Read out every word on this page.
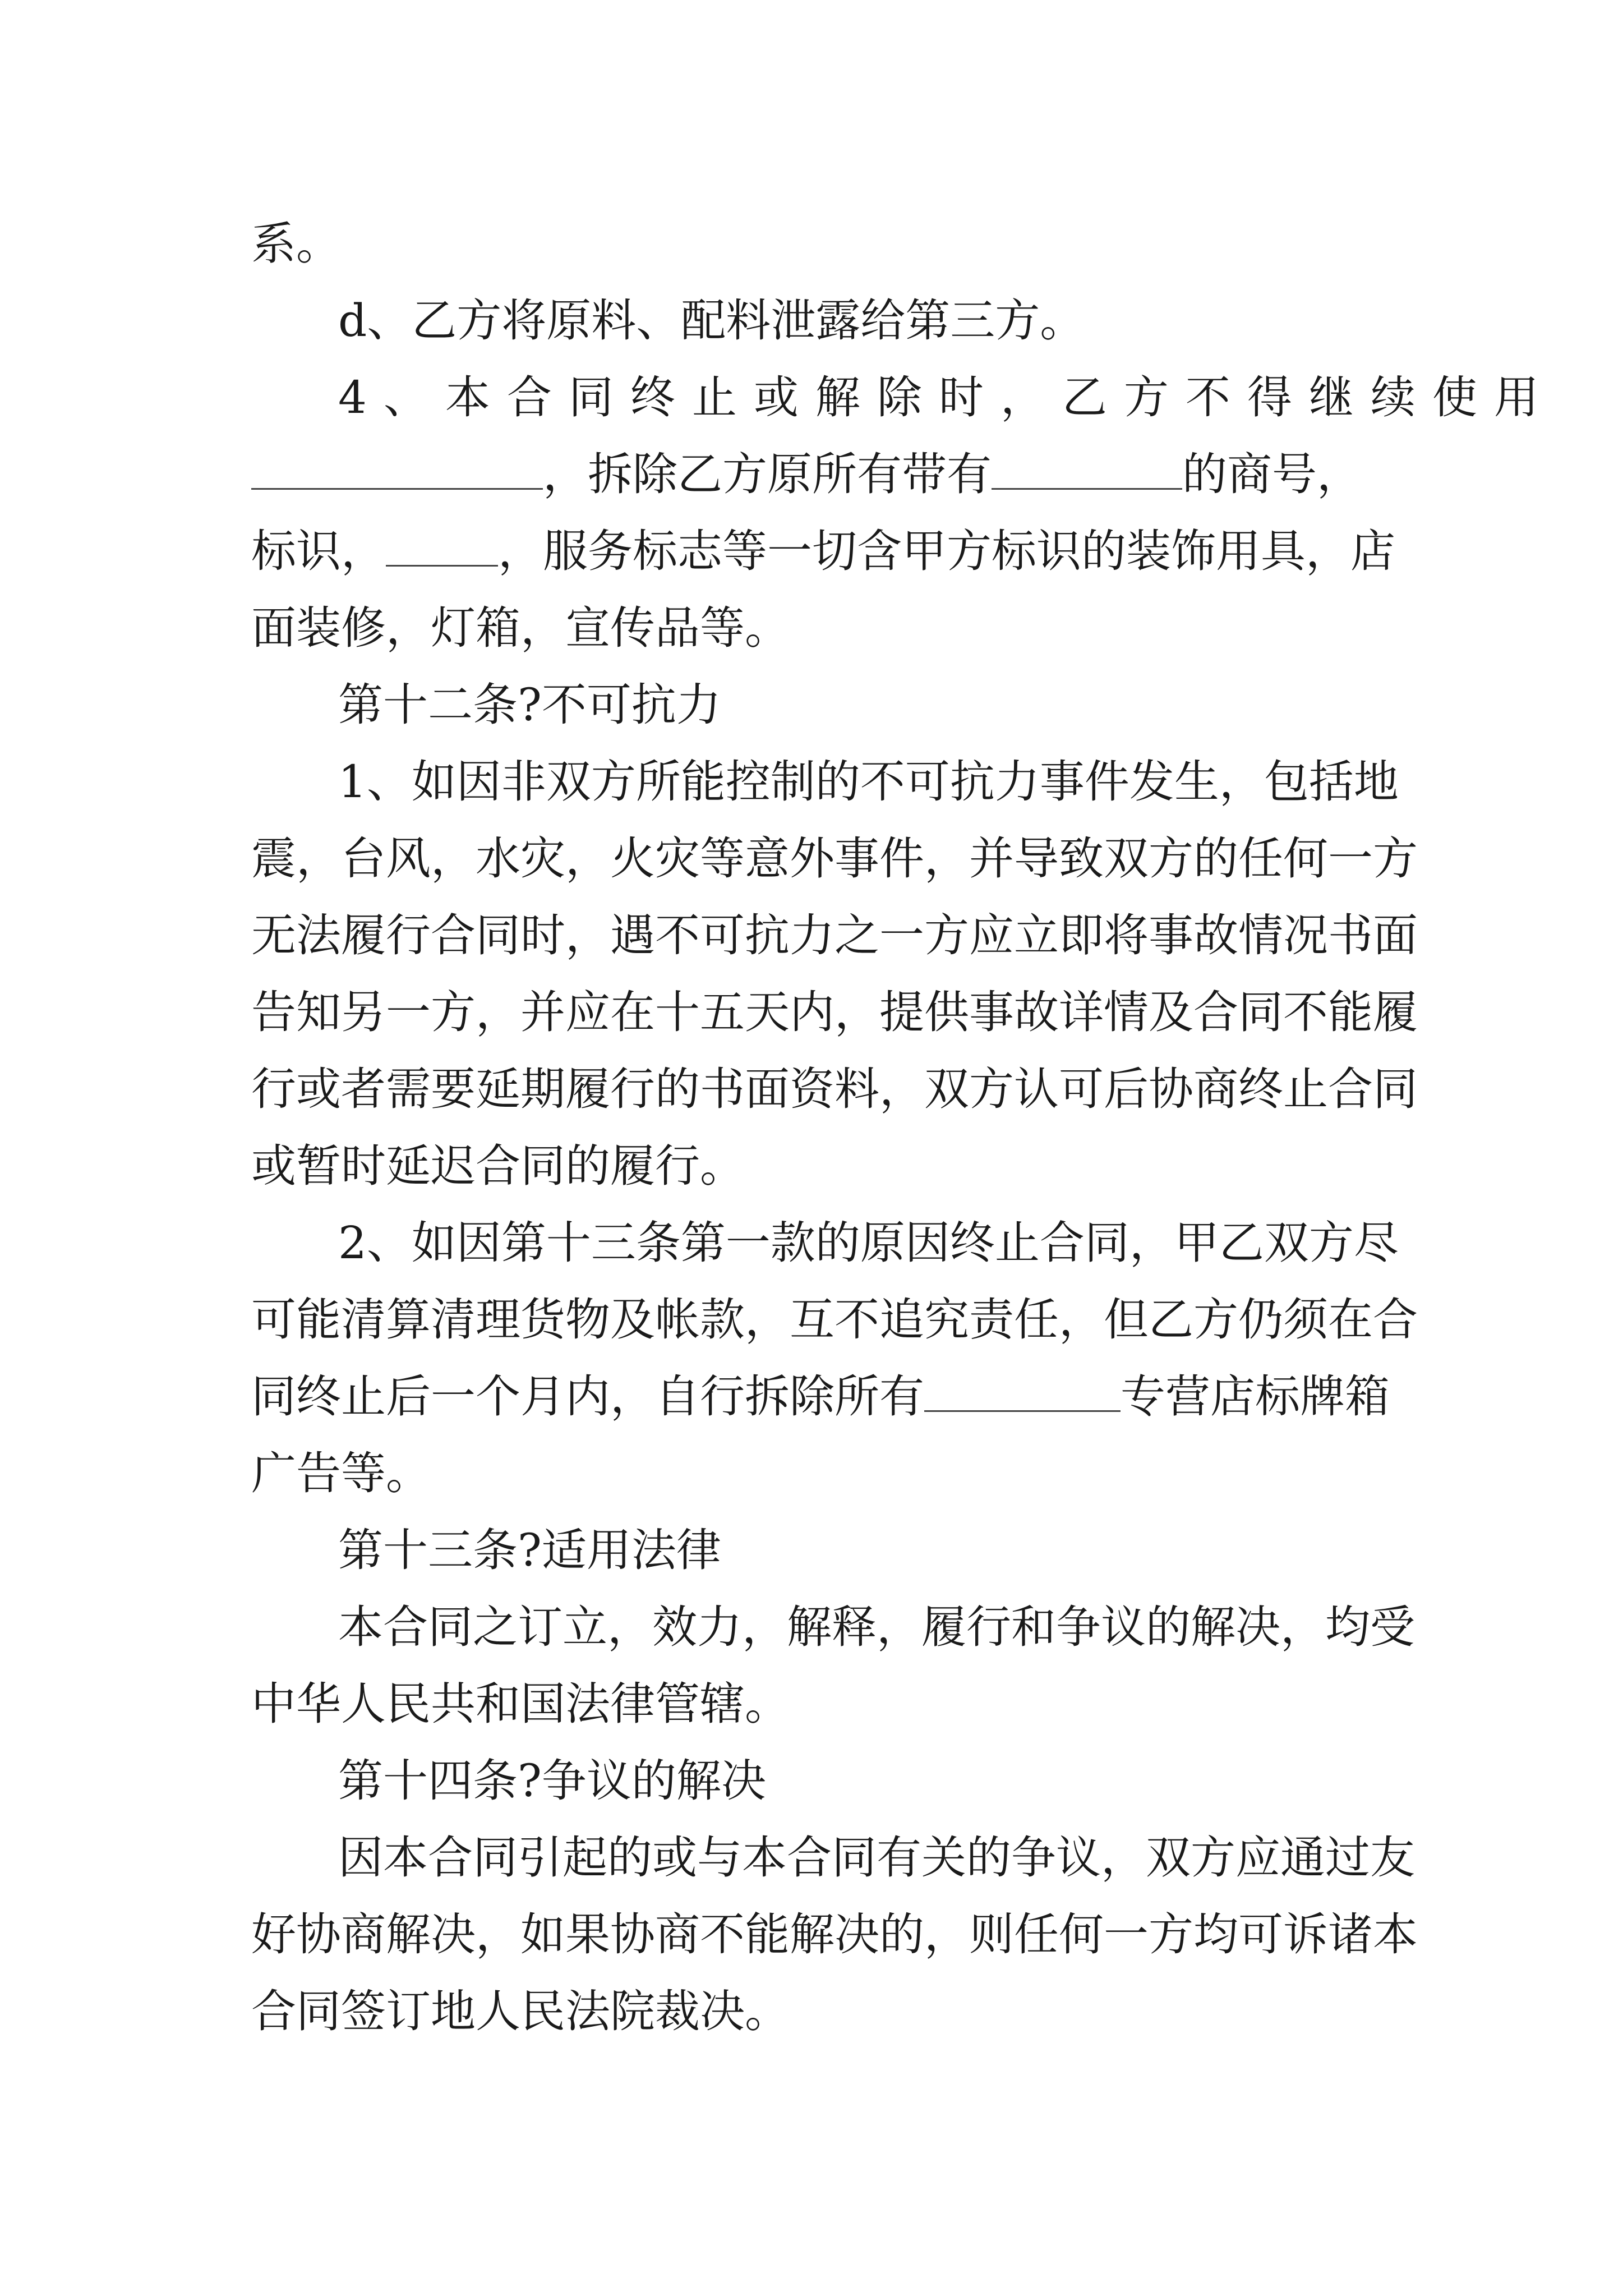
系。
d、乙方将原料、配料泄露给第三方。
4、本合同终止或解除时，乙方不得继续使用
，拆除乙方原所有带有	的商号，
标识，	，服务标志等一切含甲方标识的装饰用具，店
面装修，灯箱，宣传品等。
第十二条?不可抗力
1、如因非双方所能控制的不可抗力事件发生，包括地
震，台风，水灾，火灾等意外事件，并导致双方的任何一方
无法履行合同时，遇不可抗力之一方应立即将事故情况书面
告知另一方，并应在十五天内，提供事故详情及合同不能履
行或者需要延期履行的书面资料，双方认可后协商终止合同
或暂时延迟合同的履行。
2、如因第十三条第一款的原因终止合同，甲乙双方尽
可能清算清理货物及帐款，互不追究责任，但乙方仍须在合
同终止后一个月内，自行拆除所有	专营店标牌箱
广告等。
第十三条?适用法律
本合同之订立，效力，解释，履行和争议的解决，均受
中华人民共和国法律管辖。
第十四条?争议的解决
因本合同引起的或与本合同有关的争议，双方应通过友
好协商解决，如果协商不能解决的，则任何一方均可诉诸本
合同签订地人民法院裁决。
